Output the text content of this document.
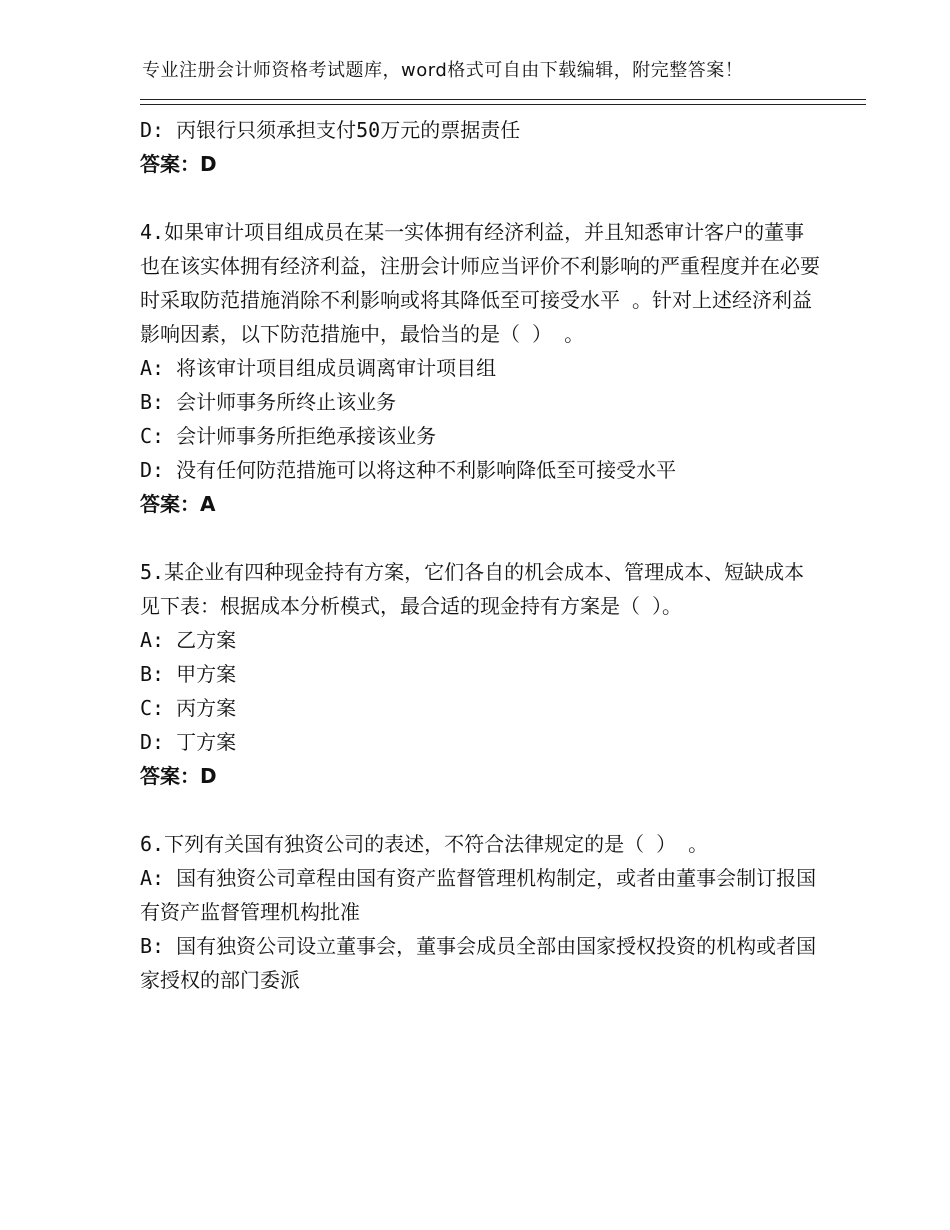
专业注册会计师资格考试题库，word格式可自由下载编辑，附完整答案！

D: 丙银行只须承担支付50万元的票据责任

答案：D

4.如果审计项目组成员在某一实体拥有经济利益，并且知悉审计客户的董事也在该实体拥有经济利益，注册会计师应当评价不利影响的严重程度并在必要时采取防范措施消除不利影响或将其降低至可接受水平 。针对上述经济利益影响因素，以下防范措施中，最恰当的是（ ） 。

A: 将该审计项目组成员调离审计项目组

B: 会计师事务所终止该业务

C: 会计师事务所拒绝承接该业务

D: 没有任何防范措施可以将这种不利影响降低至可接受水平

答案：A

5.某企业有四种现金持有方案，它们各自的机会成本、管理成本、短缺成本见下表：根据成本分析模式，最合适的现金持有方案是（ ）。

A: 乙方案

B: 甲方案

C: 丙方案

D: 丁方案

答案：D

6.下列有关国有独资公司的表述，不符合法律规定的是（ ） 。

A: 国有独资公司章程由国有资产监督管理机构制定，或者由董事会制订报国有资产监督管理机构批准

B: 国有独资公司设立董事会，董事会成员全部由国家授权投资的机构或者国家授权的部门委派
